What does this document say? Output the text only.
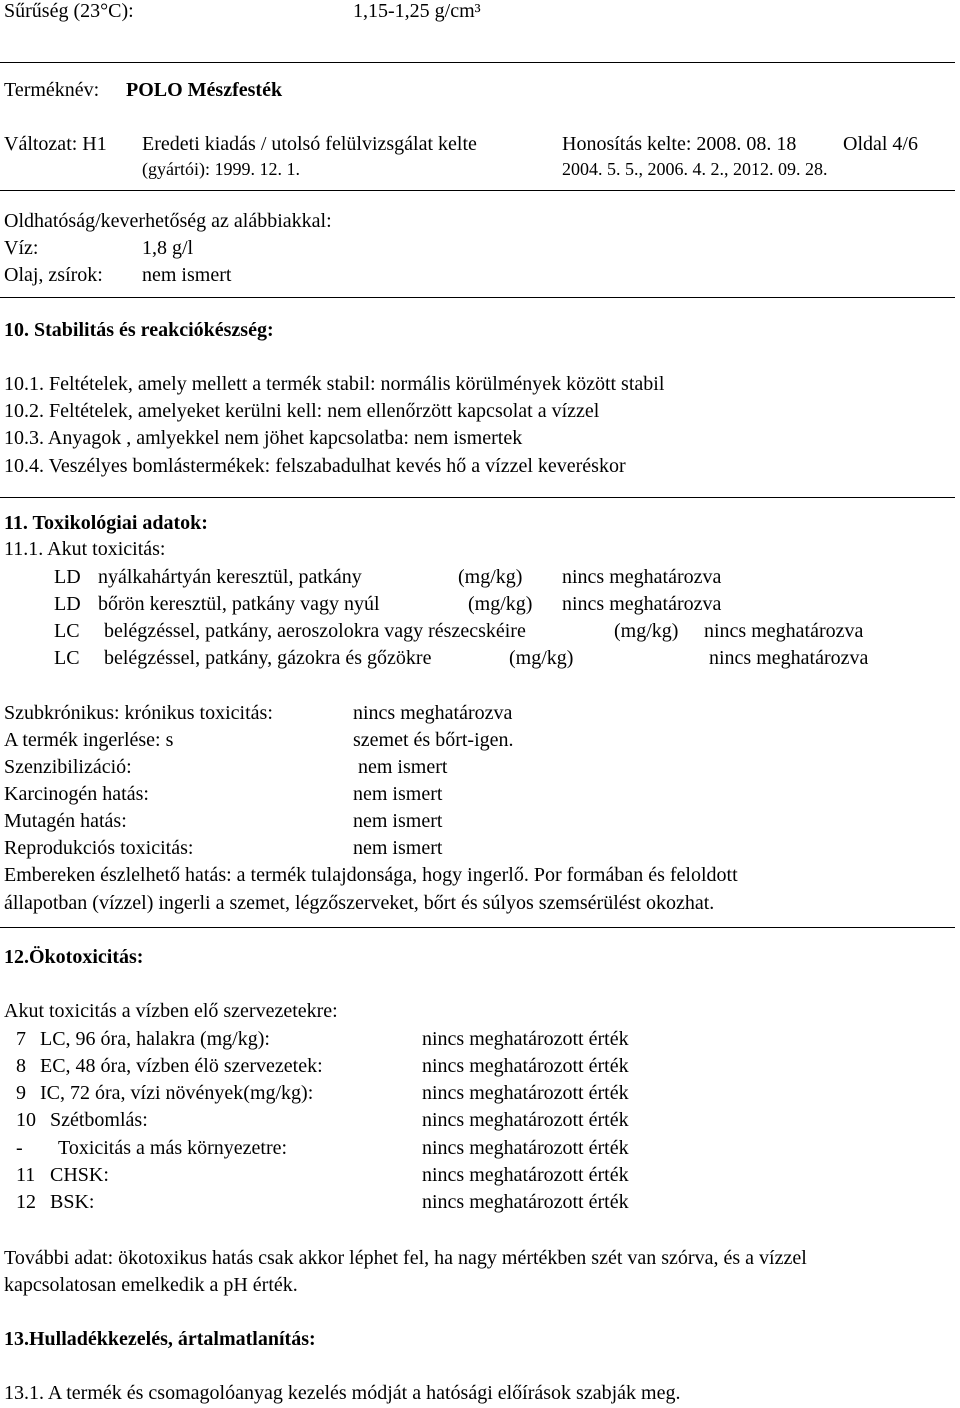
Sűrűség (23°C):	1,15-1,25 g/cm³
Terméknév: POLO Mészfesték
Változat: H1 Eredeti kiadás / utolsó felülvizsgálat kelte
(gyártói): 1999. 12. 1.
Honosítás kelte: 2008. 08. 18
2004. 5. 5., 2006. 4. 2., 2012. 09. 28.
Oldal 4/6
Oldhatóság/keverhetőség az alábbiakkal:
Víz:	1,8 g/l
Olaj, zsírok: nem ismert
10. Stabilitás és reakciókészség:
10.1. Feltételek, amely mellett a termék stabil: normális körülmények között stabil
10.2. Feltételek, amelyeket kerülni kell: nem ellenőrzött kapcsolat a vízzel
10.3. Anyagok , amlyekkel nem jöhet kapcsolatba: nem ismertek
10.4. Veszélyes bomlástermékek: felszabadulhat kevés hő a vízzel keveréskor
11. Toxikológiai adatok:
11.1. Akut toxicitás:
LD nyálkahártyán keresztül, patkány	(mg/kg) nincs meghatározva
LD bőrön keresztül, patkány vagy nyúl	(mg/kg) nincs meghatározva
LC belégzéssel, patkány, aeroszolokra vagy részecskéire	(mg/kg) nincs meghatározva
LC belégzéssel, patkány, gázokra és gőzökre	(mg/kg)	nincs meghatározva
Szubkrónikus: krónikus toxicitás:	nincs meghatározva
A termék ingerlése: s	szemet és bőrt-igen.
Szenzibilizáció:	nem ismert
Karcinogén hatás:	nem ismert
Mutagén hatás:	nem ismert
Reprodukciós toxicitás:	nem ismert
Embereken észlelhető hatás: a termék tulajdonsága, hogy ingerlő. Por formában és feloldott
állapotban (vízzel) ingerli a szemet, légzőszerveket, bőrt és súlyos szemsérülést okozhat.
12.Ökotoxicitás:
Akut toxicitás a vízben elő szervezetekre:
7 LC, 96 óra, halakra (mg/kg):	nincs meghatározott érték
8 EC, 48 óra, vízben élö szervezetek:	nincs meghatározott érték
9 IC, 72 óra, vízi növények(mg/kg):	nincs meghatározott érték
10 Szétbomlás:	nincs meghatározott érték
- Toxicitás a más környezetre:	nincs meghatározott érték
11 CHSK:	nincs meghatározott érték
12 BSK:	nincs meghatározott érték
További adat: ökotoxikus hatás csak akkor léphet fel, ha nagy mértékben szét van szórva, és a vízzel
kapcsolatosan emelkedik a pH érték.
13.Hulladékkezelés, ártalmatlanítás:
13.1. A termék és csomagolóanyag kezelés módját a hatósági előírások szabják meg.
